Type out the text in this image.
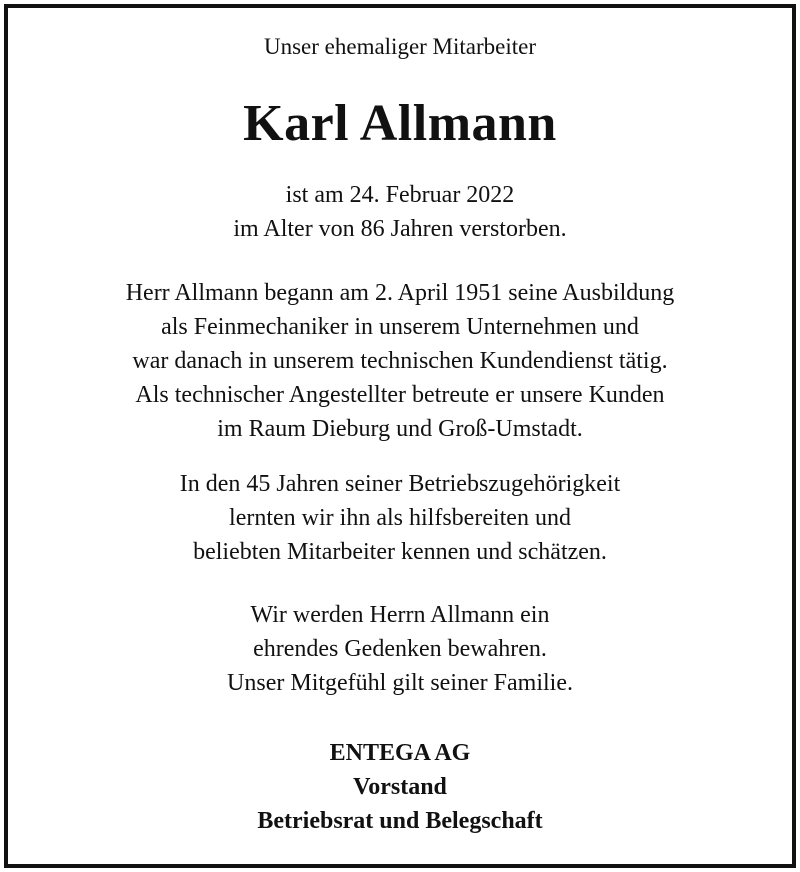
Unser ehemaliger Mitarbeiter
Karl Allmann
ist am 24. Februar 2022
im Alter von 86 Jahren verstorben.
Herr Allmann begann am 2. April 1951 seine Ausbildung
als Feinmechaniker in unserem Unternehmen und
war danach in unserem technischen Kundendienst tätig.
Als technischer Angestellter betreute er unsere Kunden
im Raum Dieburg und Groß-Umstadt.
In den 45 Jahren seiner Betriebszugehörigkeit
lernten wir ihn als hilfsbereiten und
beliebten Mitarbeiter kennen und schätzen.
Wir werden Herrn Allmann ein
ehrendes Gedenken bewahren.
Unser Mitgefühl gilt seiner Familie.
ENTEGA AG
Vorstand
Betriebsrat und Belegschaft
